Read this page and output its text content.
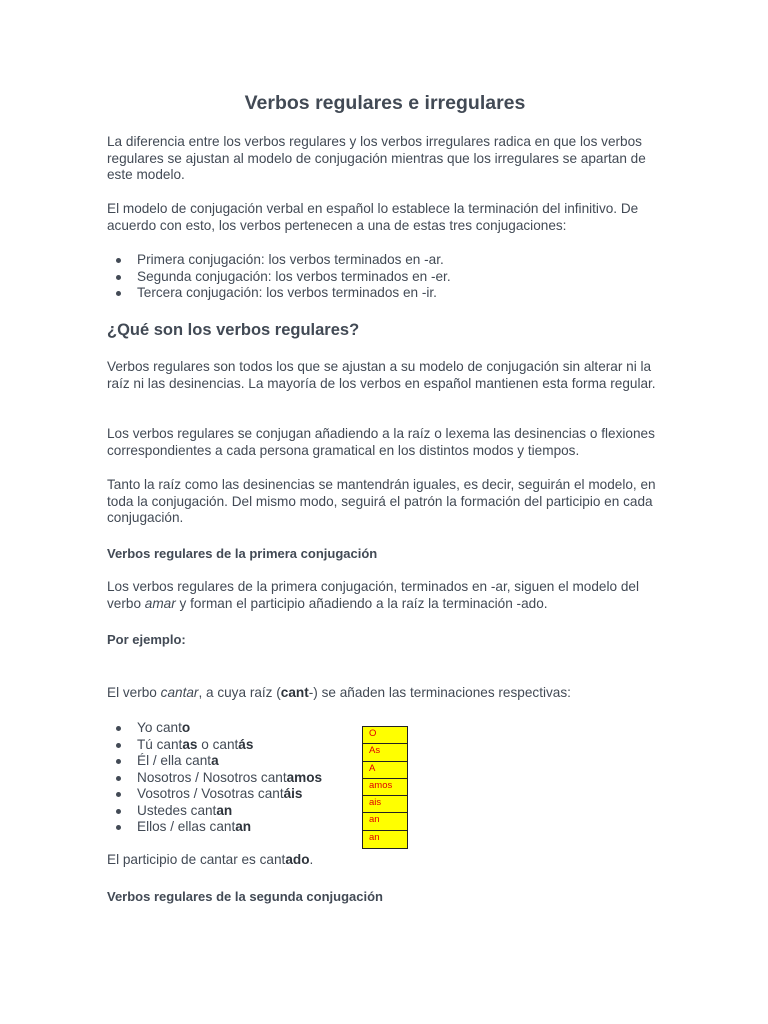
Verbos regulares e irregulares

La diferencia entre los verbos regulares y los verbos irregulares radica en que los verbos regulares se ajustan al modelo de conjugación mientras que los irregulares se apartan de este modelo.

El modelo de conjugación verbal en español lo establece la terminación del infinitivo. De acuerdo con esto, los verbos pertenecen a una de estas tres conjugaciones:

Primera conjugación: los verbos terminados en -ar.
Segunda conjugación: los verbos terminados en -er.
Tercera conjugación: los verbos terminados en -ir.

¿Qué son los verbos regulares?

Verbos regulares son todos los que se ajustan a su modelo de conjugación sin alterar ni la raíz ni las desinencias. La mayoría de los verbos en español mantienen esta forma regular.

Los verbos regulares se conjugan añadiendo a la raíz o lexema las desinencias o flexiones correspondientes a cada persona gramatical en los distintos modos y tiempos.

Tanto la raíz como las desinencias se mantendrán iguales, es decir, seguirán el modelo, en toda la conjugación. Del mismo modo, seguirá el patrón la formación del participio en cada conjugación.

Verbos regulares de la primera conjugación

Los verbos regulares de la primera conjugación, terminados en -ar, siguen el modelo del verbo amar y forman el participio añadiendo a la raíz la terminación -ado.

Por ejemplo:

El verbo cantar, a cuya raíz (cant-) se añaden las terminaciones respectivas:

Yo canto
Tú cantas o cantás
Él / ella canta
Nosotros / Nosotros cantamos
Vosotros / Vosotras cantáis
Ustedes cantan
Ellos / ellas cantan
O
As
A
amos
ais
an
an

El participio de cantar es cantado.

Verbos regulares de la segunda conjugación
